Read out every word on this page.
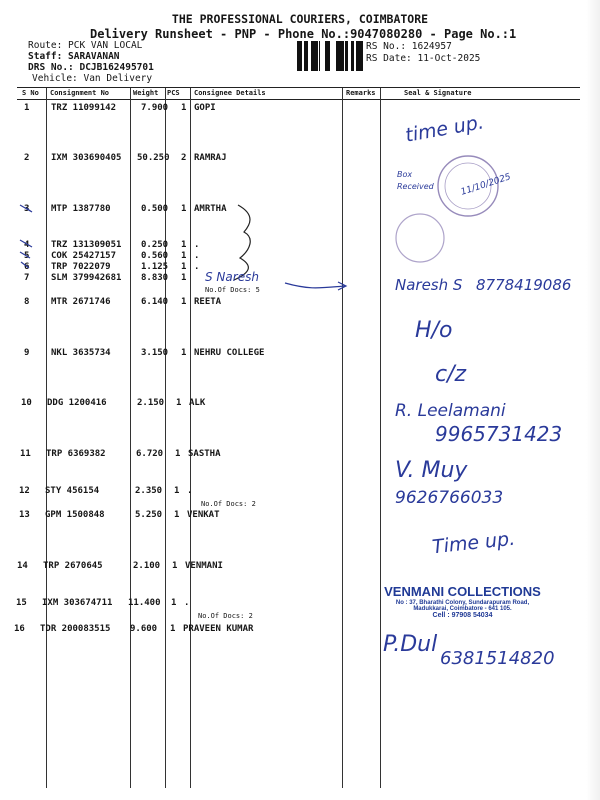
THE PROFESSIONAL COURIERS, COIMBATORE
Delivery Runsheet - PNP - Phone No.:9047080280 - Page No.:1
Route: PCK VAN LOCAL
Staff: SARAVANAN
DRS No.: DCJB162495701
Vehicle: Van Delivery
RS No.: 1624957
RS Date: 11-Oct-2025
S No Consignment No	Weight PCS Consignee Details	Remarks	Seal & Signature
1 TRZ 11099142	7.900 1 GOPI
2 IXM 303690405 50.250 2 RAMRAJ
3 MTP 1387780	0.500 1 AMRTHA
4 TRZ 131309051 0.250 1 .
5 COK 25427157	0.560 1 .
6 TRP 7022079	1.125 1 .
7 SLM 379942681 8.830 1
No.Of Docs: 5
8 MTR 2671746	6.140 1 REETA
9 NKL 3635734	3.150 1 NEHRU COLLEGE
10 DDG 1200416	2.150 1 ALK
11 TRP 6369382	6.720 1 SASTHA
12 STY 456154	2.350 1 .
No.Of Docs: 2
13 GPM 1500848	5.250 1 VENKAT
14 TRP 2670645	2.100 1 VENMANI
15 IXM 303674711 11.400 1 .
No.Of Docs: 2
16 TDR 200083515 9.600 1 PRAVEEN KUMAR
time up.
Box
Received	11/10/2025
S Naresh	Naresh S 8778419086
H/o
c/z
R. Leelamani
9965731423
V. Muy
9626766033
Time up.
P.Dul
6381514820
VENMANI COLLECTIONS
No : 37, Bharathi Colony, Sundarapuram Road,
Madukkarai, Coimbatore - 641 105.
Cell : 97908 54034
